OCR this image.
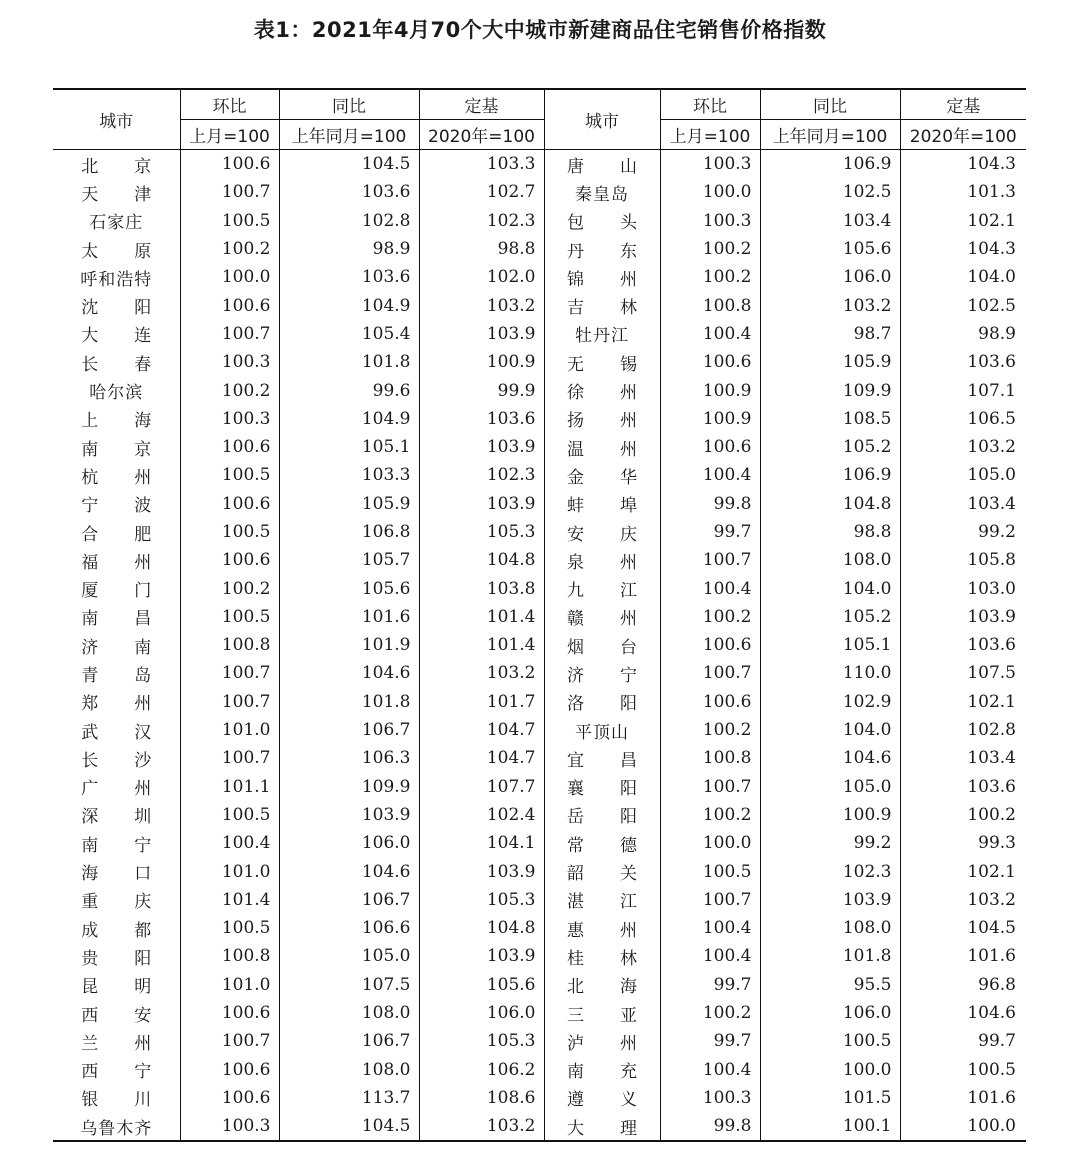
表1：2021年4月70个大中城市新建商品住宅销售价格指数
城市	环比	同比	定基	城市	环比	同比	定基
	上月=100	上年同月=100	2020年=100		上月=100	上年同月=100	2020年=100

北 京	100.6	104.5	103.3	唐 山	100.3	106.9	104.3

天 津	100.7	103.6	102.7	秦皇岛	100.0	102.5	101.3
石家庄	100.5	102.8	102.3	包 头	100.3	103.4	102.1

太 原	100.2	98.9	98.8	丹 东	100.2	105.6	104.3
呼和浩特	100.0	103.6	102.0	锦 州	100.2	106.0	104.0

沈 阳	100.6	104.9	103.2	吉 林	100.8	103.2	102.5

大 连	100.7	105.4	103.9	牡丹江	100.4	98.7	98.9

长 春	100.3	101.8	100.9	无 锡	100.6	105.9	103.6
哈尔滨	100.2	99.6	99.9	徐 州	100.9	109.9	107.1

上 海	100.3	104.9	103.6	扬 州	100.9	108.5	106.5

南 京	100.6	105.1	103.9	温 州	100.6	105.2	103.2

杭 州	100.5	103.3	102.3	金 华	100.4	106.9	105.0

宁 波	100.6	105.9	103.9	蚌 埠	99.8	104.8	103.4

合 肥	100.5	106.8	105.3	安 庆	99.7	98.8	99.2

福 州	100.6	105.7	104.8	泉 州	100.7	108.0	105.8

厦 门	100.2	105.6	103.8	九 江	100.4	104.0	103.0

南 昌	100.5	101.6	101.4	赣 州	100.2	105.2	103.9

济 南	100.8	101.9	101.4	烟 台	100.6	105.1	103.6

青 岛	100.7	104.6	103.2	济 宁	100.7	110.0	107.5

郑 州	100.7	101.8	101.7	洛 阳	100.6	102.9	102.1

武 汉	101.0	106.7	104.7	平顶山	100.2	104.0	102.8

长 沙	100.7	106.3	104.7	宜 昌	100.8	104.6	103.4

广 州	101.1	109.9	107.7	襄 阳	100.7	105.0	103.6

深 圳	100.5	103.9	102.4	岳 阳	100.2	100.9	100.2

南 宁	100.4	106.0	104.1	常 德	100.0	99.2	99.3

海 口	101.0	104.6	103.9	韶 关	100.5	102.3	102.1

重 庆	101.4	106.7	105.3	湛 江	100.7	103.9	103.2

成 都	100.5	106.6	104.8	惠 州	100.4	108.0	104.5

贵 阳	100.8	105.0	103.9	桂 林	100.4	101.8	101.6

昆 明	101.0	107.5	105.6	北 海	99.7	95.5	96.8

西 安	100.6	108.0	106.0	三 亚	100.2	106.0	104.6

兰 州	100.7	106.7	105.3	泸 州	99.7	100.5	99.7

西 宁	100.6	108.0	106.2	南 充	100.4	100.0	100.5

银 川	100.6	113.7	108.6	遵 义	100.3	101.5	101.6
乌鲁木齐	100.3	104.5	103.2	大 理	99.8	100.1	100.0
